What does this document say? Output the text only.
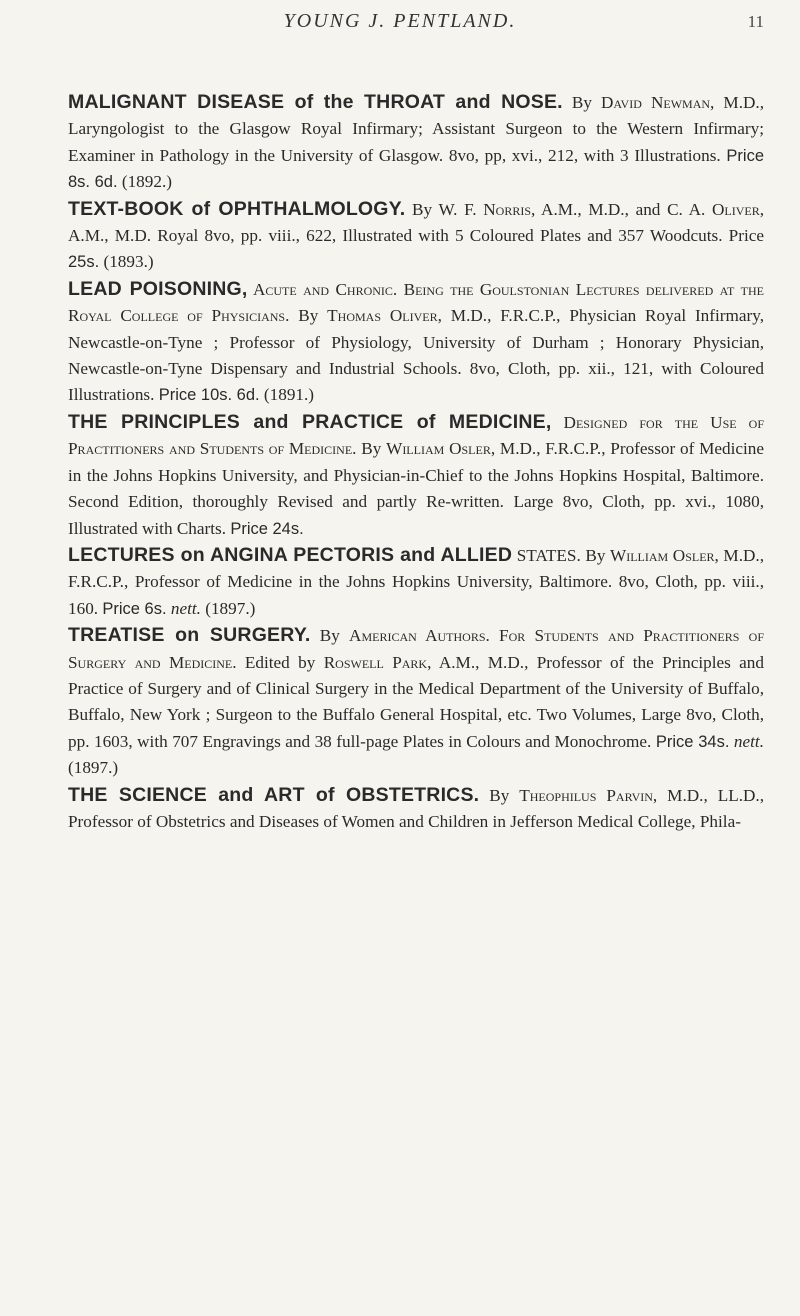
YOUNG J. PENTLAND.	11

MALIGNANT DISEASE of the THROAT and NOSE. By David Newman, M.D., Laryngologist to the Glasgow Royal Infirmary; Assistant Surgeon to the Western Infirmary; Examiner in Pathology in the University of Glasgow. 8vo, pp, xvi., 212, with 3 Illustrations. Price 8s. 6d. (1892.)

TEXT-BOOK of OPHTHALMOLOGY. By W. F. Norris, A.M., M.D., and C. A. Oliver, A.M., M.D. Royal 8vo, pp. viii., 622, Illustrated with 5 Coloured Plates and 357 Woodcuts. Price 25s. (1893.)

LEAD POISONING, Acute and Chronic. Being the Goulstonian Lectures delivered at the Royal College of Physicians. By Thomas Oliver, M.D., F.R.C.P., Physician Royal Infirmary, Newcastle-on-Tyne ; Professor of Physiology, University of Durham ; Honorary Physician, Newcastle-on-Tyne Dispensary and Industrial Schools. 8vo, Cloth, pp. xii., 121, with Coloured Illustrations. Price 10s. 6d. (1891.)

THE PRINCIPLES and PRACTICE of MEDICINE, Designed for the Use of Practitioners and Students of Medicine. By William Osler, M.D., F.R.C.P., Professor of Medicine in the Johns Hopkins University, and Physician-in-Chief to the Johns Hopkins Hospital, Baltimore. Second Edition, thoroughly Revised and partly Re-written. Large 8vo, Cloth, pp. xvi., 1080, Illustrated with Charts. Price 24s.

LECTURES on ANGINA PECTORIS and ALLIED STATES. By William Osler, M.D., F.R.C.P., Professor of Medicine in the Johns Hopkins University, Baltimore. 8vo, Cloth, pp. viii., 160. Price 6s. nett. (1897.)

TREATISE on SURGERY. By American Authors. For Students and Practitioners of Surgery and Medicine. Edited by Roswell Park, A.M., M.D., Professor of the Principles and Practice of Surgery and of Clinical Surgery in the Medical Department of the University of Buffalo, Buffalo, New York ; Surgeon to the Buffalo General Hospital, etc. Two Volumes, Large 8vo, Cloth, pp. 1603, with 707 Engravings and 38 full-page Plates in Colours and Monochrome. Price 34s. nett. (1897.)

THE SCIENCE and ART of OBSTETRICS. By Theophilus Parvin, M.D., LL.D., Professor of Obstetrics and Diseases of Women and Children in Jefferson Medical College, Phila-
